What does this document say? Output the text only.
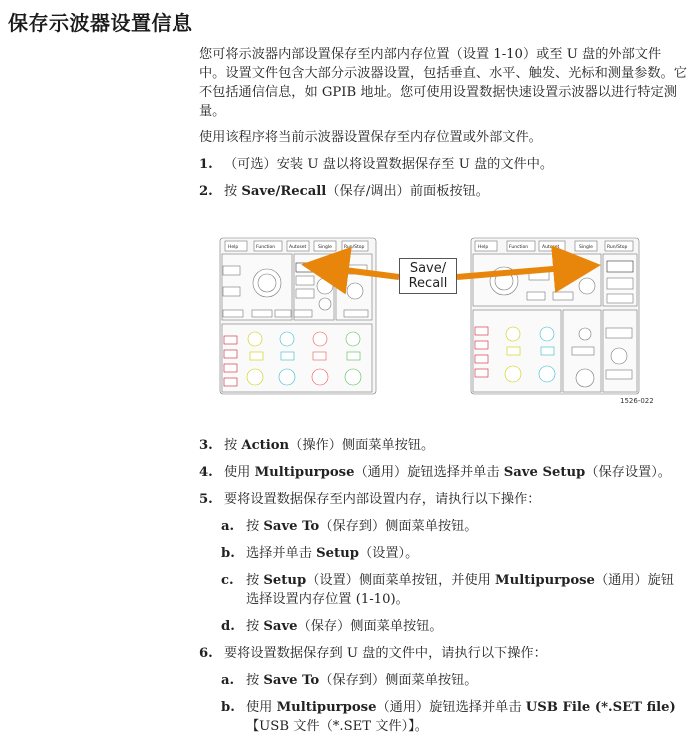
保存示波器设置信息
您可将示波器内部设置保存至内部内存位置（设置 1-10）或至 U 盘的外部文件中。设置文件包含大部分示波器设置，包括垂直、水平、触发、光标和测量参数。它不包括通信信息，如 GPIB 地址。您可使用设置数据快速设置示波器以进行特定测量。
使用该程序将当前示波器设置保存至内存位置或外部文件。
1. （可选）安装 U 盘以将设置数据保存至 U 盘的文件中。
2. 按 Save/Recall（保存/调出）前面板按钮。
Help	Function	Autoset	Single	Run/Stop	Help	Function	Autoset	Single	Run/Stop
Save/
Recall
1526-022
3. 按 Action（操作）侧面菜单按钮。
4. 使用 Multipurpose（通用）旋钮选择并单击 Save Setup（保存设置）。
5. 要将设置数据保存至内部设置内存，请执行以下操作：
a. 按 Save To（保存到）侧面菜单按钮。
b. 选择并单击 Setup（设置）。
c. 按 Setup（设置）侧面菜单按钮，并使用 Multipurpose（通用）旋钮选择设置内存位置 (1-10)。
d. 按 Save（保存）侧面菜单按钮。
6. 要将设置数据保存到 U 盘的文件中，请执行以下操作：
a. 按 Save To（保存到）侧面菜单按钮。
b. 使用 Multipurpose（通用）旋钮选择并单击 USB File (*.SET file)【USB 文件（*.SET 文件）】。
